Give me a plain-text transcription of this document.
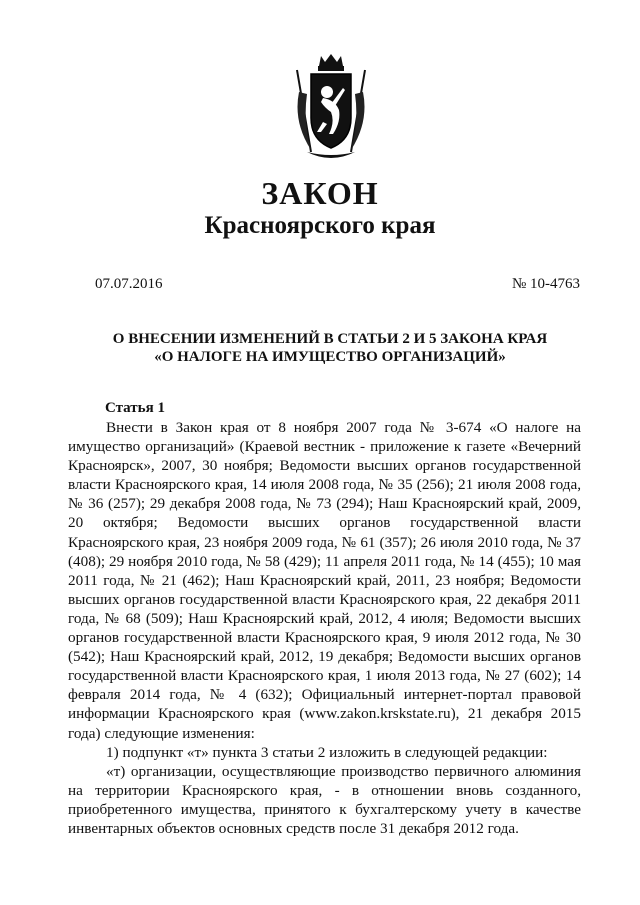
ЗАКОН
Красноярского края
07.07.2016	№ 10-4763
О ВНЕСЕНИИ ИЗМЕНЕНИЙ В СТАТЬИ 2 И 5 ЗАКОНА КРАЯ
«О НАЛОГЕ НА ИМУЩЕСТВО ОРГАНИЗАЦИЙ»
Статья 1

Внести в Закон края от 8 ноября 2007 года № 3-674 «О налоге на имущество организаций» (Краевой вестник - приложение к газете «Вечерний Красноярск», 2007, 30 ноября; Ведомости высших органов государственной власти Красноярского края, 14 июля 2008 года, № 35 (256); 21 июля 2008 года, № 36 (257); 29 декабря 2008 года, № 73 (294); Наш Красноярский край, 2009, 20 октября; Ведомости высших органов государственной власти Красноярского края, 23 ноября 2009 года, № 61 (357); 26 июля 2010 года, № 37 (408); 29 ноября 2010 года, № 58 (429); 11 апреля 2011 года, № 14 (455); 10 мая 2011 года, № 21 (462); Наш Красноярский край, 2011, 23 ноября; Ведомости высших органов государственной власти Красноярского края, 22 декабря 2011 года, № 68 (509); Наш Красноярский край, 2012, 4 июля; Ведомости высших органов государственной власти Красноярского края, 9 июля 2012 года, № 30 (542); Наш Красноярский край, 2012, 19 декабря; Ведомости высших органов государственной власти Красноярского края, 1 июля 2013 года, № 27 (602); 14 февраля 2014 года, № 4 (632); Официальный интернет-портал правовой информации Красноярского края (www.zakon.krskstate.ru), 21 декабря 2015 года) следующие изменения:

1) подпункт «т» пункта 3 статьи 2 изложить в следующей редакции:

«т) организации, осуществляющие производство первичного алюминия на территории Красноярского края, - в отношении вновь созданного, приобретенного имущества, принятого к бухгалтерскому учету в качестве инвентарных объектов основных средств после 31 декабря 2012 года.
